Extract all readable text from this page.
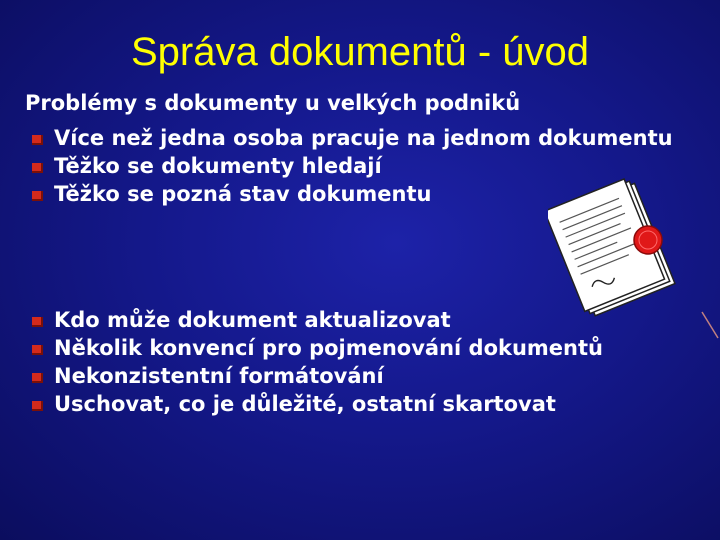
Správa dokumentů - úvod
Problémy s dokumenty u velkých podniků
Více než jedna osoba pracuje na jednom dokumentu
Těžko se dokumenty hledají
Těžko se pozná stav dokumentu
Kdo může dokument aktualizovat
Několik konvencí pro pojmenování dokumentů
Nekonzistentní formátování
Uschovat, co je důležité, ostatní skartovat
